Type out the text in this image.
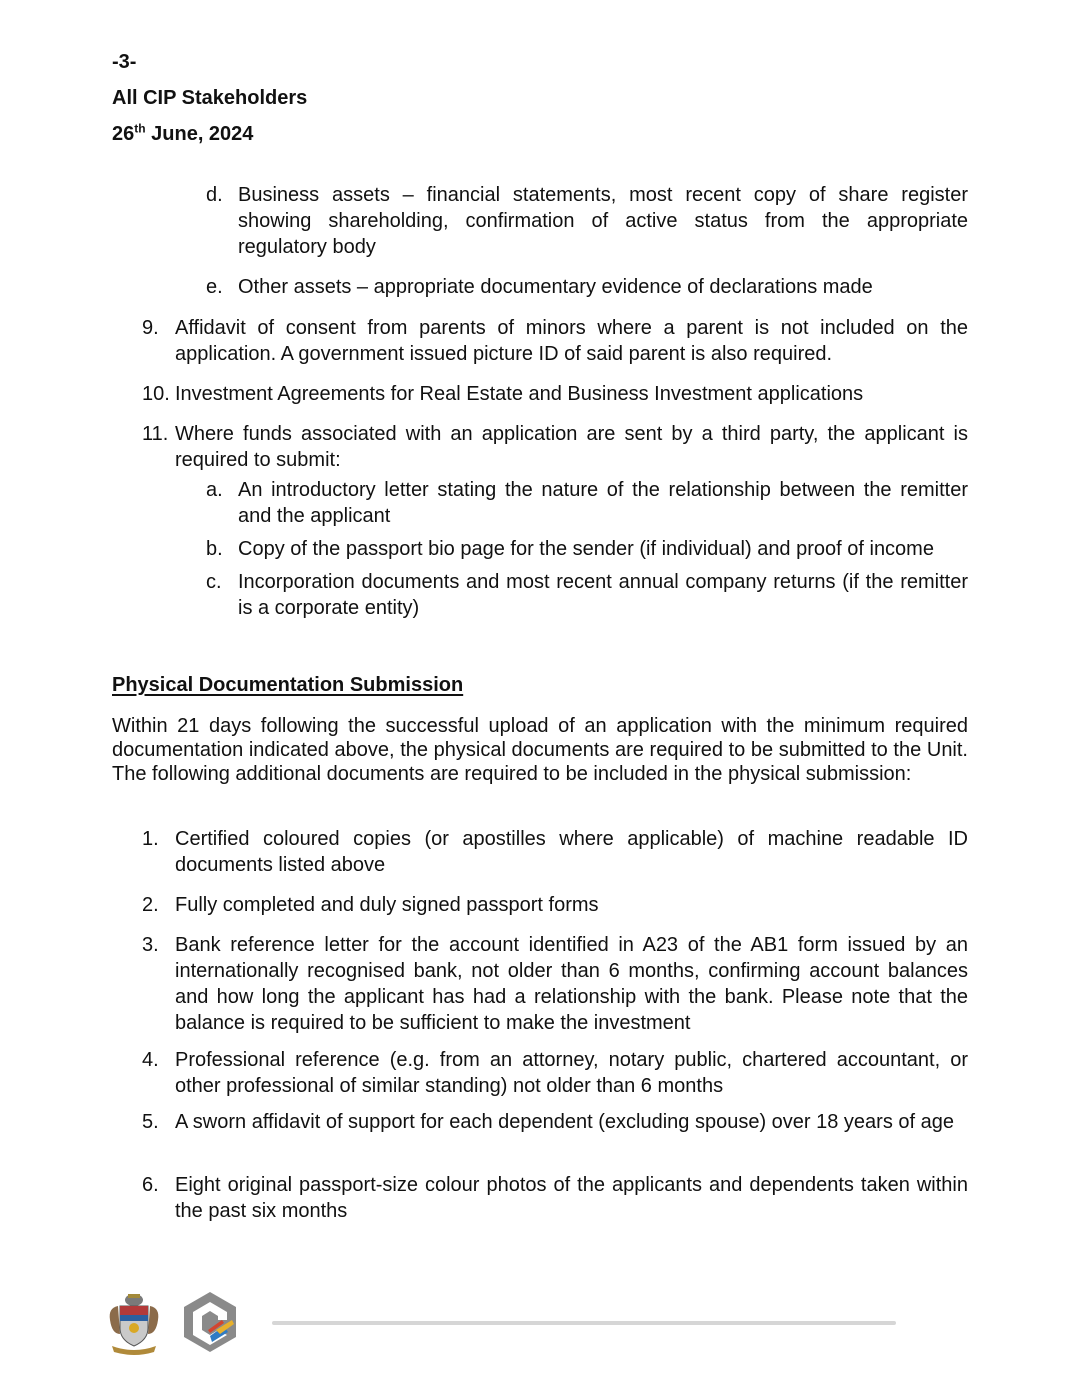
-3-
All CIP Stakeholders
26th June, 2024
d. Business assets – financial statements, most recent copy of share register showing shareholding, confirmation of active status from the appropriate regulatory body
e. Other assets – appropriate documentary evidence of declarations made
9. Affidavit of consent from parents of minors where a parent is not included on the application. A government issued picture ID of said parent is also required.
10. Investment Agreements for Real Estate and Business Investment applications
11. Where funds associated with an application are sent by a third party, the applicant is required to submit:
a. An introductory letter stating the nature of the relationship between the remitter and the applicant
b. Copy of the passport bio page for the sender (if individual) and proof of income
c. Incorporation documents and most recent annual company returns (if the remitter is a corporate entity)
Physical Documentation Submission
Within 21 days following the successful upload of an application with the minimum required documentation indicated above, the physical documents are required to be submitted to the Unit. The following additional documents are required to be included in the physical submission:
1. Certified coloured copies (or apostilles where applicable) of machine readable ID documents listed above
2. Fully completed and duly signed passport forms
3. Bank reference letter for the account identified in A23 of the AB1 form issued by an internationally recognised bank, not older than 6 months, confirming account balances and how long the applicant has had a relationship with the bank. Please note that the balance is required to be sufficient to make the investment
4. Professional reference (e.g. from an attorney, notary public, chartered accountant, or other professional of similar standing) not older than 6 months
5. A sworn affidavit of support for each dependent (excluding spouse) over 18 years of age
6. Eight original passport-size colour photos of the applicants and dependents taken within the past six months
